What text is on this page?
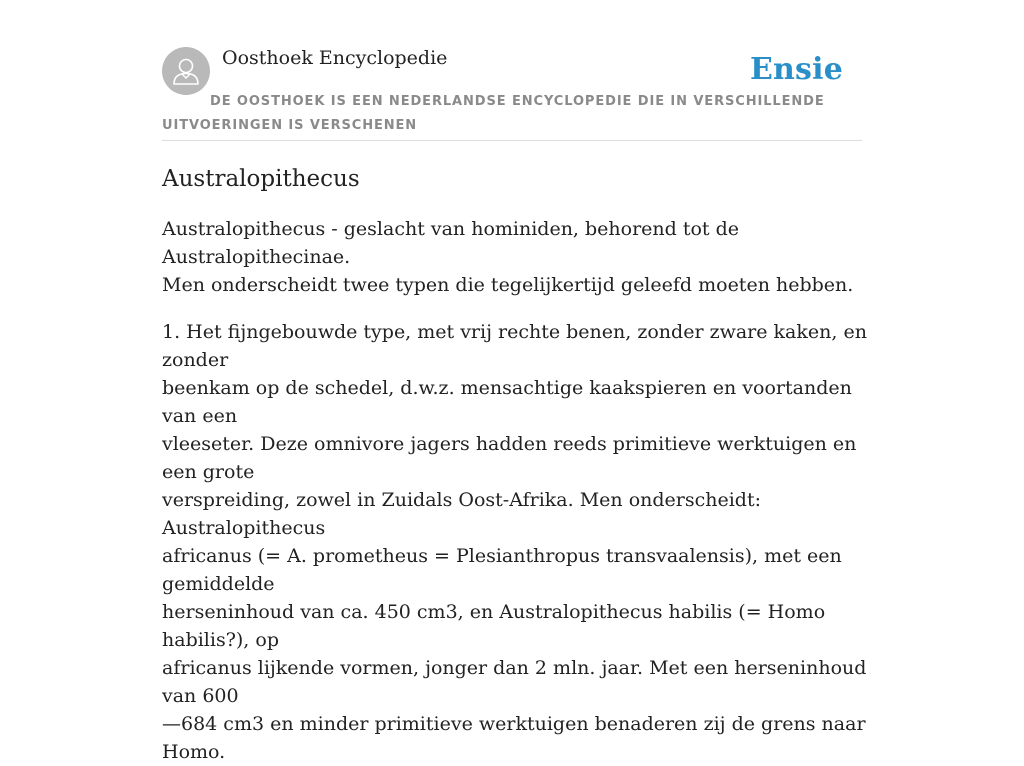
Oosthoek Encyclopedie	Ensie
DE OOSTHOEK IS EEN NEDERLANDSE ENCYCLOPEDIE DIE IN VERSCHILLENDE UITVOERINGEN IS VERSCHENEN
Australopithecus

Australopithecus - geslacht van hominiden, behorend tot de Australopithecinae.
Men onderscheidt twee typen die tegelijkertijd geleefd moeten hebben.

1. Het fijngebouwde type, met vrij rechte benen, zonder zware kaken, en zonder
beenkam op de schedel, d.w.z. mensachtige kaakspieren en voortanden van een
vleeseter. Deze omnivore jagers hadden reeds primitieve werktuigen en een grote
verspreiding, zowel in Zuidals Oost-Afrika. Men onderscheidt: Australopithecus
africanus (= A. prometheus = Plesianthropus transvaalensis), met een gemiddelde
herseninhoud van ca. 450 cm3, en Australopithecus habilis (= Homo habilis?), op
africanus lijkende vormen, jonger dan 2 mln. jaar. Met een herseninhoud van 600
—684 cm3 en minder primitieve werktuigen benaderen zij de grens naar Homo.
